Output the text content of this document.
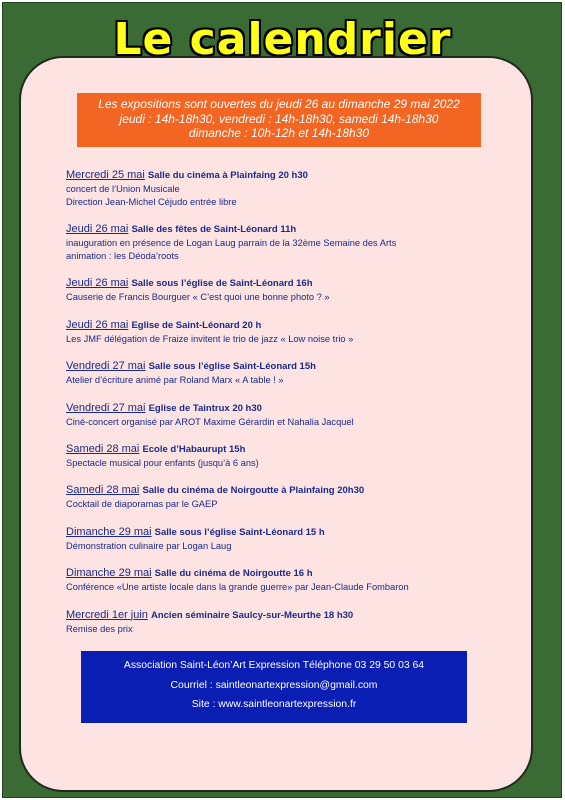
Le calendrier
Les expositions sont ouvertes du jeudi 26 au dimanche 29 mai 2022
jeudi : 14h-18h30, vendredi : 14h-18h30, samedi 14h-18h30
dimanche : 10h-12h et 14h-18h30
Mercredi 25 mai Salle du cinéma à Plainfaing 20 h30
concert de l’Union Musicale
Direction Jean-Michel Céjudo entrée libre
Jeudi 26 mai Salle des fêtes de Saint-Léonard 11h
inauguration en présence de Logan Laug parrain de la 32ème Semaine des Arts
animation : les Déoda’roots
Jeudi 26 mai Salle sous l’église de Saint-Léonard 16h
Causerie de Francis Bourguer « C’est quoi une bonne photo ? »
Jeudi 26 mai Eglise de Saint-Léonard 20 h
Les JMF délégation de Fraize invitent le trio de jazz « Low noise trio »
Vendredi 27 mai Salle sous l’église Saint-Léonard 15h
Atelier d’écriture animé par Roland Marx « A table ! »
Vendredi 27 mai Eglise de Taintrux 20 h30
Ciné-concert organisé par AROT Maxime Gérardin et Nahalia Jacquel
Samedi 28 mai Ecole d’Habaurupt 15h
Spectacle musical pour enfants (jusqu’à 6 ans)
Samedi 28 mai Salle du cinéma de Noirgoutte à Plainfaing 20h30
Cocktail de diaporamas par le GAEP
Dimanche 29 mai Salle sous l’église Saint-Léonard 15 h
Démonstration culinaire par Logan Laug
Dimanche 29 mai Salle du cinéma de Noirgoutte 16 h
Conférence «Une artiste locale dans la grande guerre» par Jean-Claude Fombaron
Mercredi 1er juin Ancien séminaire Saulcy-sur-Meurthe 18 h30
Remise des prix
Association Saint-Léon’Art Expression Téléphone 03 29 50 03 64
Courriel : saintleonartexpression@gmail.com
Site : www.saintleonartexpression.fr
